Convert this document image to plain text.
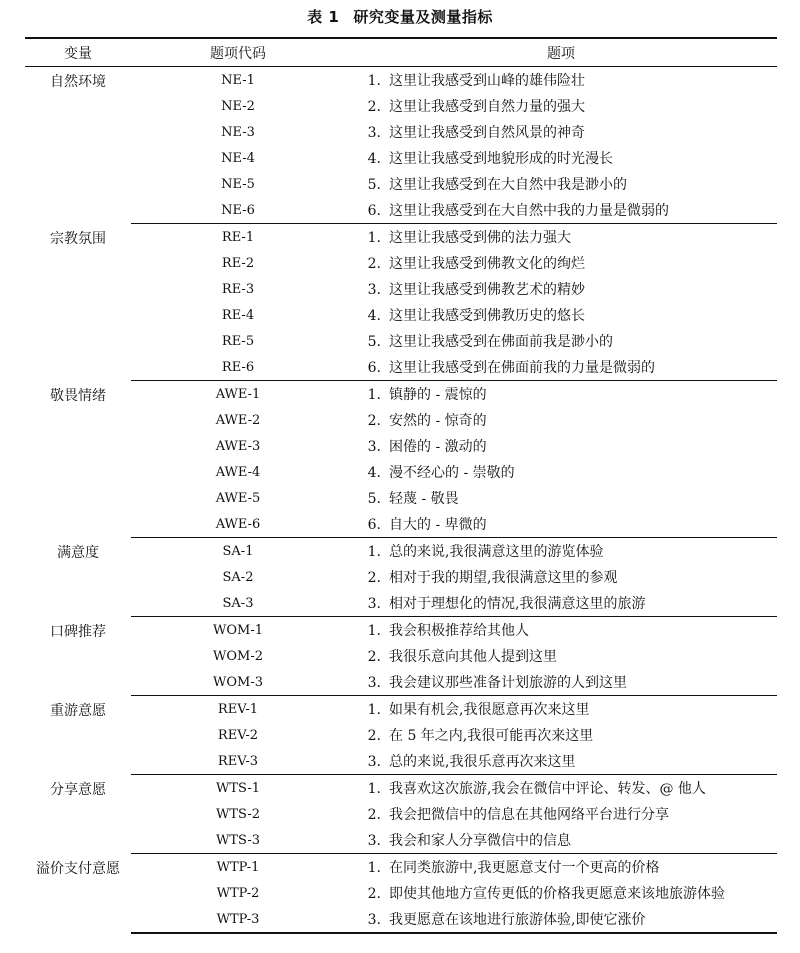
表 1 研究变量及测量指标
变量	题项代码	题项
自然环境	NE-1	1. 这里让我感受到山峰的雄伟险壮
	NE-2	2. 这里让我感受到自然力量的强大
	NE-3	3. 这里让我感受到自然风景的神奇
	NE-4	4. 这里让我感受到地貌形成的时光漫长
	NE-5	5. 这里让我感受到在大自然中我是渺小的
	NE-6	6. 这里让我感受到在大自然中我的力量是微弱的
宗教氛围	RE-1	1. 这里让我感受到佛的法力强大
	RE-2	2. 这里让我感受到佛教文化的绚烂
	RE-3	3. 这里让我感受到佛教艺术的精妙
	RE-4	4. 这里让我感受到佛教历史的悠长
	RE-5	5. 这里让我感受到在佛面前我是渺小的
	RE-6	6. 这里让我感受到在佛面前我的力量是微弱的
敬畏情绪	AWE-1	1. 镇静的 - 震惊的
	AWE-2	2. 安然的 - 惊奇的
	AWE-3	3. 困倦的 - 激动的
	AWE-4	4. 漫不经心的 - 崇敬的
	AWE-5	5. 轻蔑 - 敬畏
	AWE-6	6. 自大的 - 卑微的
满意度	SA-1	1. 总的来说,我很满意这里的游览体验
	SA-2	2. 相对于我的期望,我很满意这里的参观
	SA-3	3. 相对于理想化的情况,我很满意这里的旅游
口碑推荐	WOM-1	1. 我会积极推荐给其他人
	WOM-2	2. 我很乐意向其他人提到这里
	WOM-3	3. 我会建议那些准备计划旅游的人到这里
重游意愿	REV-1	1. 如果有机会,我很愿意再次来这里
	REV-2	2. 在 5 年之内,我很可能再次来这里
	REV-3	3. 总的来说,我很乐意再次来这里
分享意愿	WTS-1	1. 我喜欢这次旅游,我会在微信中评论、转发、@ 他人
	WTS-2	2. 我会把微信中的信息在其他网络平台进行分享
	WTS-3	3. 我会和家人分享微信中的信息
溢价支付意愿	WTP-1	1. 在同类旅游中,我更愿意支付一个更高的价格
	WTP-2	2. 即使其他地方宣传更低的价格我更愿意来该地旅游体验
	WTP-3	3. 我更愿意在该地进行旅游体验,即使它涨价
